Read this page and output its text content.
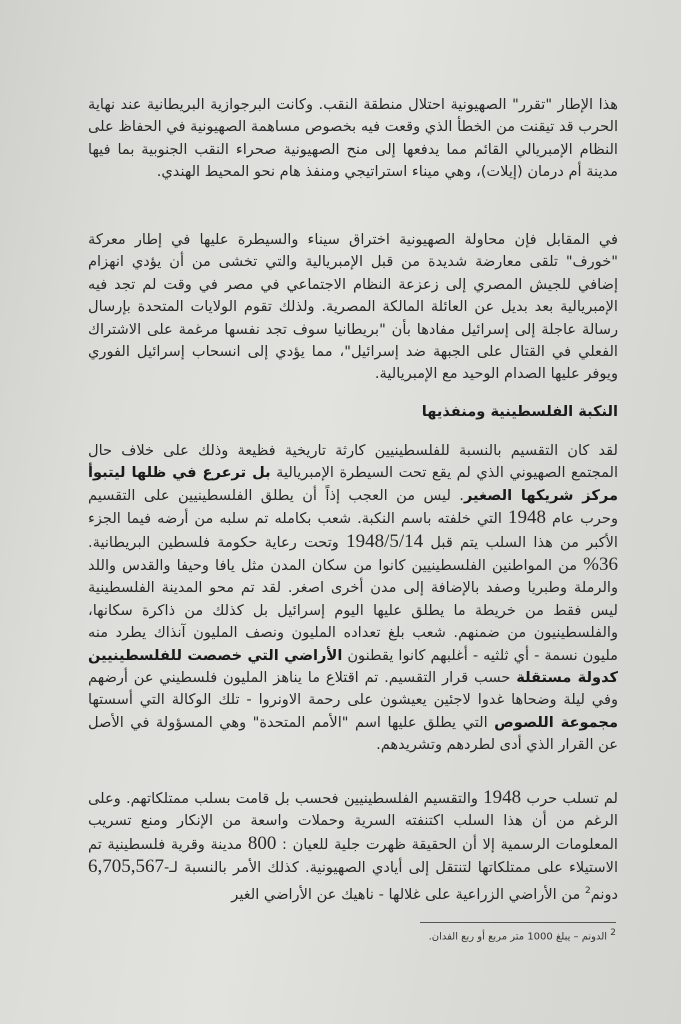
هذا الإطار "تقرر" الصهيونية احتلال منطقة النقب. وكانت البرجوازية البريطانية عند نهاية الحرب قد تيقنت من الخطأ الذي وقعت فيه بخصوص مساهمة الصهيونية في الحفاظ على النظام الإمبريالي القائم مما يدفعها إلى منح الصهيونية صحراء النقب الجنوبية بما فيها مدينة أم درمان (إيلات)، وهي ميناء استراتيجي ومنفذ هام نحو المحيط الهندي.
في المقابل فإن محاولة الصهيونية اختراق سيناء والسيطرة عليها في إطار معركة "خورف" تلقى معارضة شديدة من قبل الإمبريالية والتي تخشى من أن يؤدي انهزام إضافي للجيش المصري إلى زعزعة النظام الاجتماعي في مصر في وقت لم تجد فيه الإمبريالية بعد بديل عن العائلة المالكة المصرية. ولذلك تقوم الولايات المتحدة بإرسال رسالة عاجلة إلى إسرائيل مفادها بأن "بريطانيا سوف تجد نفسها مرغمة على الاشتراك الفعلي في القتال على الجبهة ضد إسرائيل"، مما يؤدي إلى انسحاب إسرائيل الفوري ويوفر عليها الصدام الوحيد مع الإمبريالية.
النكبة الفلسطينية ومنفذيها
لقد كان التقسيم بالنسبة للفلسطينيين كارثة تاريخية فظيعة وذلك على خلاف حال المجتمع الصهيوني الذي لم يقع تحت السيطرة الإمبريالية بل ترعرع في ظلها ليتبوأ مركز شريكها الصغير. ليس من العجب إذاً أن يطلق الفلسطينيين على التقسيم وحرب عام 1948 التي خلفته باسم النكبة. شعب بكامله تم سلبه من أرضه فيما الجزء الأكبر من هذا السلب يتم قبل 1948/5/14 وتحت رعاية حكومة فلسطين البريطانية. 36% من المواطنين الفلسطينيين كانوا من سكان المدن مثل يافا وحيفا والقدس واللد والرملة وطبريا وصفد بالإضافة إلى مدن أخرى اصغر. لقد تم محو المدينة الفلسطينية ليس فقط من خريطة ما يطلق عليها اليوم إسرائيل بل كذلك من ذاكرة سكانها، والفلسطينيون من ضمنهم. شعب بلغ تعداده المليون ونصف المليون آنذاك يطرد منه مليون نسمة - أي ثلثيه - أغلبهم كانوا يقطنون الأراضي التي خصصت للفلسطينيين كدولة مستقلة حسب قرار التقسيم. تم اقتلاع ما يناهز المليون فلسطيني عن أرضهم وفي ليلة وضحاها غدوا لاجئين يعيشون على رحمة الاونروا - تلك الوكالة التي أسستها مجموعة اللصوص التي يطلق عليها اسم "الأمم المتحدة" وهي المسؤولة في الأصل عن القرار الذي أدى لطردهم وتشريدهم.
لم تسلب حرب 1948 والتقسيم الفلسطينيين فحسب بل قامت بسلب ممتلكاتهم. وعلى الرغم من أن هذا السلب اكتنفته السرية وحملات واسعة من الإنكار ومنع تسريب المعلومات الرسمية إلا أن الحقيقة ظهرت جلية للعيان : 800 مدينة وقرية فلسطينية تم الاستيلاء على ممتلكاتها لتنتقل إلى أيادي الصهيونية. كذلك الأمر بالنسبة لـ-6,705,567 دونم$^2$ من الأراضي الزراعية على غلالها - ناهيك عن الأراضي الغير
$^2$ الدونم – يبلغ 1000 متر مربع أو ربع الفدان.
